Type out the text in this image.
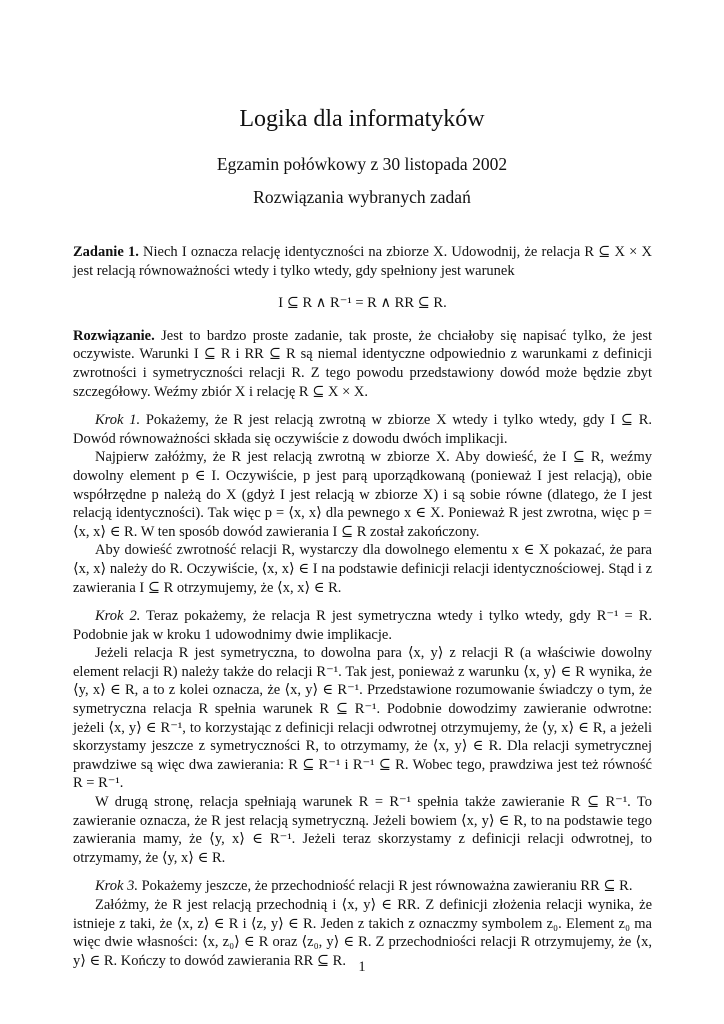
Logika dla informatyków
Egzamin połówkowy z 30 listopada 2002
Rozwiązania wybranych zadań

Zadanie 1. Niech I oznacza relację identyczności na zbiorze X. Udowodnij, że relacja R ⊆ X × X jest relacją równoważności wtedy i tylko wtedy, gdy spełniony jest warunek

I ⊆ R ∧ R⁻¹ = R ∧ RR ⊆ R.

Rozwiązanie. Jest to bardzo proste zadanie, tak proste, że chciałoby się napisać tylko, że jest oczywiste. Warunki I ⊆ R i RR ⊆ R są niemal identyczne odpowiednio z warunkami z definicji zwrotności i symetryczności relacji R. Z tego powodu przedstawiony dowód może będzie zbyt szczegółowy. Weźmy zbiór X i relację R ⊆ X × X.

Krok 1. Pokażemy, że R jest relacją zwrotną w zbiorze X wtedy i tylko wtedy, gdy I ⊆ R. Dowód równoważności składa się oczywiście z dowodu dwóch implikacji.

Najpierw załóżmy, że R jest relacją zwrotną w zbiorze X. Aby dowieść, że I ⊆ R, weźmy dowolny element p ∈ I. Oczywiście, p jest parą uporządkowaną (ponieważ I jest relacją), obie współrzędne p należą do X (gdyż I jest relacją w zbiorze X) i są sobie równe (dlatego, że I jest relacją identyczności). Tak więc p = ⟨x, x⟩ dla pewnego x ∈ X. Ponieważ R jest zwrotna, więc p = ⟨x, x⟩ ∈ R. W ten sposób dowód zawierania I ⊆ R został zakończony.

Aby dowieść zwrotność relacji R, wystarczy dla dowolnego elementu x ∈ X pokazać, że para ⟨x, x⟩ należy do R. Oczywiście, ⟨x, x⟩ ∈ I na podstawie definicji relacji identycznościowej. Stąd i z zawierania I ⊆ R otrzymujemy, że ⟨x, x⟩ ∈ R.

Krok 2. Teraz pokażemy, że relacja R jest symetryczna wtedy i tylko wtedy, gdy R⁻¹ = R. Podobnie jak w kroku 1 udowodnimy dwie implikacje.

Jeżeli relacja R jest symetryczna, to dowolna para ⟨x, y⟩ z relacji R (a właściwie dowolny element relacji R) należy także do relacji R⁻¹. Tak jest, ponieważ z warunku ⟨x, y⟩ ∈ R wynika, że ⟨y, x⟩ ∈ R, a to z kolei oznacza, że ⟨x, y⟩ ∈ R⁻¹. Przedstawione rozumowanie świadczy o tym, że symetryczna relacja R spełnia warunek R ⊆ R⁻¹. Podobnie dowodzimy zawieranie odwrotne: jeżeli ⟨x, y⟩ ∈ R⁻¹, to korzystając z definicji relacji odwrotnej otrzymujemy, że ⟨y, x⟩ ∈ R, a jeżeli skorzystamy jeszcze z symetryczności R, to otrzymamy, że ⟨x, y⟩ ∈ R. Dla relacji symetrycznej prawdziwe są więc dwa zawierania: R ⊆ R⁻¹ i R⁻¹ ⊆ R. Wobec tego, prawdziwa jest też równość R = R⁻¹.

W drugą stronę, relacja spełniają warunek R = R⁻¹ spełnia także zawieranie R ⊆ R⁻¹. To zawieranie oznacza, że R jest relacją symetryczną. Jeżeli bowiem ⟨x, y⟩ ∈ R, to na podstawie tego zawierania mamy, że ⟨y, x⟩ ∈ R⁻¹. Jeżeli teraz skorzystamy z definicji relacji odwrotnej, to otrzymamy, że ⟨y, x⟩ ∈ R.

Krok 3. Pokażemy jeszcze, że przechodniość relacji R jest równoważna zawieraniu RR ⊆ R.

Załóżmy, że R jest relacją przechodnią i ⟨x, y⟩ ∈ RR. Z definicji złożenia relacji wynika, że istnieje z taki, że ⟨x, z⟩ ∈ R i ⟨z, y⟩ ∈ R. Jeden z takich z oznaczmy symbolem z₀. Element z₀ ma więc dwie własności: ⟨x, z₀⟩ ∈ R oraz ⟨z₀, y⟩ ∈ R. Z przechodniości relacji R otrzymujemy, że ⟨x, y⟩ ∈ R. Kończy to dowód zawierania RR ⊆ R. 1
